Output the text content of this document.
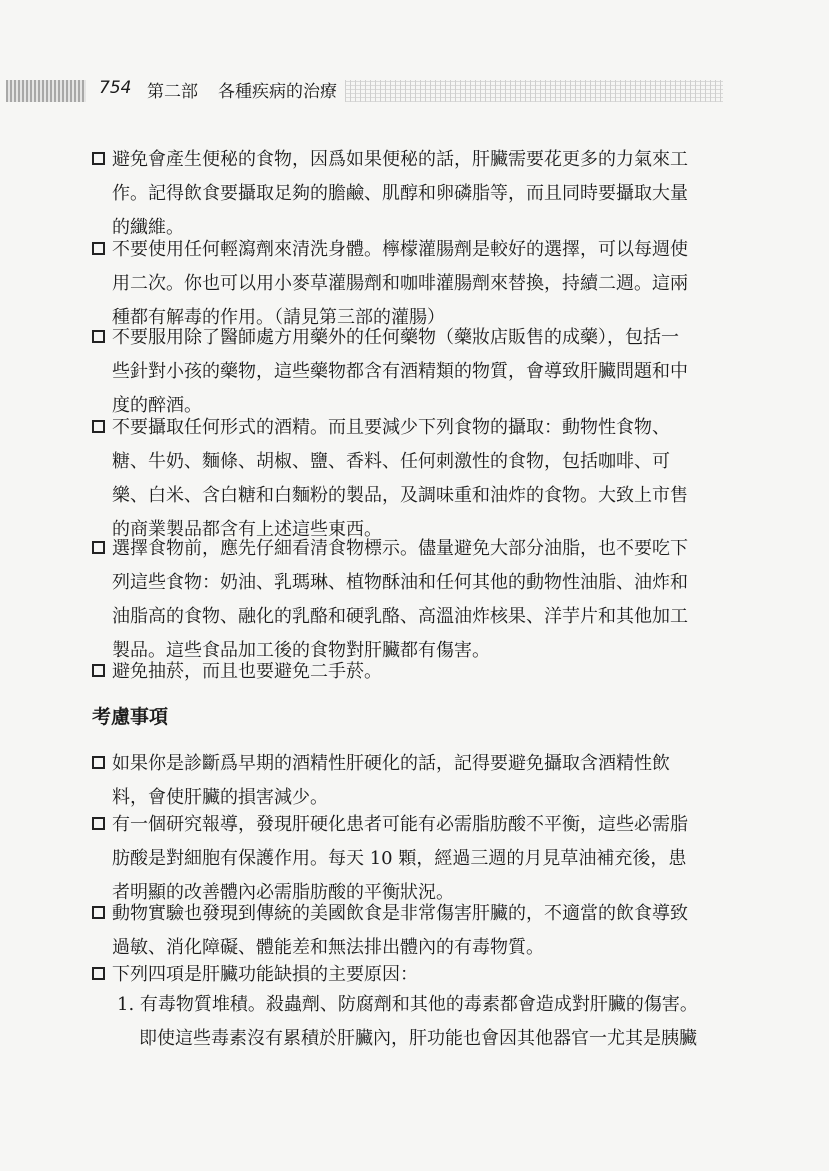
754 第二部 各種疾病的治療
避免會產生便秘的食物，因爲如果便秘的話，肝臟需要花更多的力氣來工
作。記得飲食要攝取足夠的膽鹼、肌醇和卵磷脂等，而且同時要攝取大量
的纖維。
不要使用任何輕瀉劑來清洗身體。檸檬灌腸劑是較好的選擇，可以每週使
用二次。你也可以用小麥草灌腸劑和咖啡灌腸劑來替換，持續二週。這兩
種都有解毒的作用。（請見第三部的灌腸）
不要服用除了醫師處方用藥外的任何藥物（藥妝店販售的成藥），包括一
些針對小孩的藥物，這些藥物都含有酒精類的物質，會導致肝臟問題和中
度的醉酒。
不要攝取任何形式的酒精。而且要減少下列食物的攝取：動物性食物、
糖、牛奶、麵條、胡椒、鹽、香料、任何刺激性的食物，包括咖啡、可
樂、白米、含白糖和白麵粉的製品，及調味重和油炸的食物。大致上市售
的商業製品都含有上述這些東西。
選擇食物前，應先仔細看清食物標示。儘量避免大部分油脂，也不要吃下
列這些食物：奶油、乳瑪琳、植物酥油和任何其他的動物性油脂、油炸和
油脂高的食物、融化的乳酪和硬乳酪、高溫油炸核果、洋芋片和其他加工
製品。這些食品加工後的食物對肝臟都有傷害。
避免抽菸，而且也要避免二手菸。
考慮事項
如果你是診斷爲早期的酒精性肝硬化的話，記得要避免攝取含酒精性飲
料，會使肝臟的損害減少。
有一個研究報導，發現肝硬化患者可能有必需脂肪酸不平衡，這些必需脂
肪酸是對細胞有保護作用。每天 10 顆，經過三週的月見草油補充後，患
者明顯的改善體內必需脂肪酸的平衡狀況。
動物實驗也發現到傳統的美國飲食是非常傷害肝臟的，不適當的飲食導致
過敏、消化障礙、體能差和無法排出體內的有毒物質。
下列四項是肝臟功能缺損的主要原因：
1. 有毒物質堆積。殺蟲劑、防腐劑和其他的毒素都會造成對肝臟的傷害。
即使這些毒素沒有累積於肝臟內，肝功能也會因其他器官一尤其是胰臟
